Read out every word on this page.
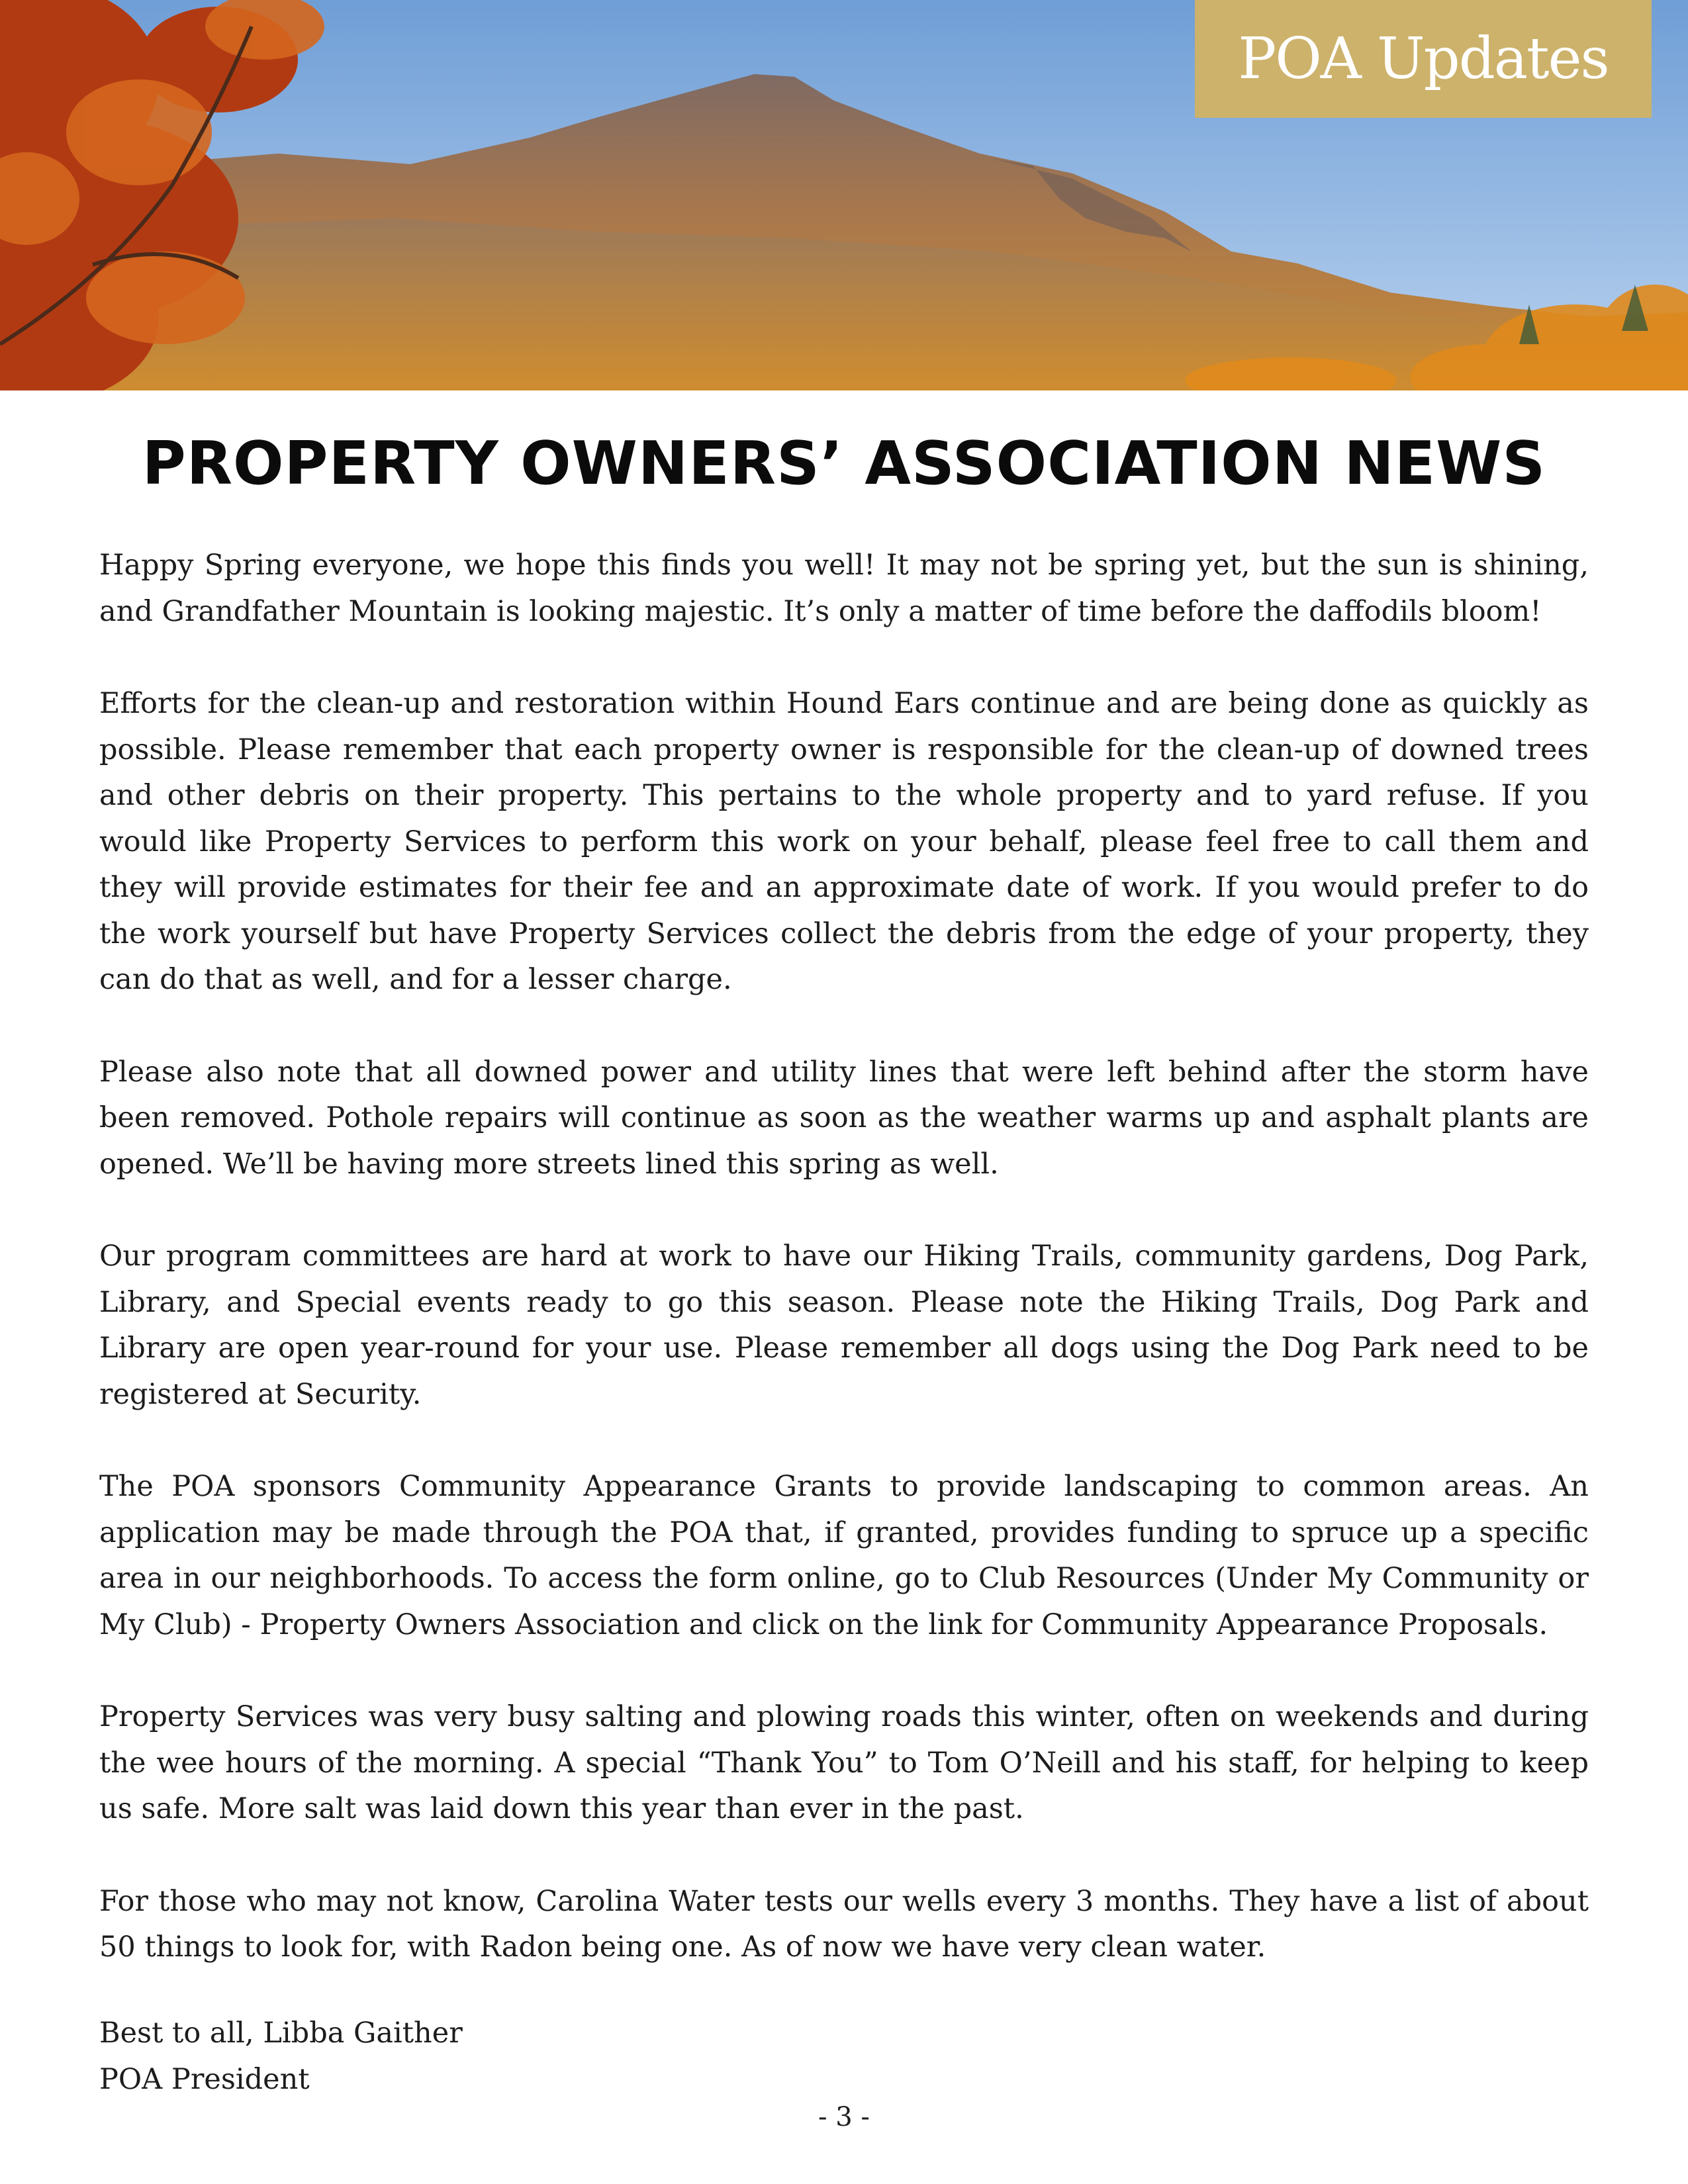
POA Updates
PROPERTY OWNERS’ ASSOCIATION NEWS

Happy Spring everyone, we hope this finds you well! It may not be spring yet, but the sun is shining, and Grandfather Mountain is looking majestic. It’s only a matter of time before the daffodils bloom!

Efforts for the clean-up and restoration within Hound Ears continue and are being done as quickly as possible. Please remember that each property owner is responsible for the clean-up of downed trees and other debris on their property. This pertains to the whole property and to yard refuse. If you would like Property Services to perform this work on your behalf, please feel free to call them and they will provide estimates for their fee and an approximate date of work. If you would prefer to do the work yourself but have Property Services collect the debris from the edge of your property, they can do that as well, and for a lesser charge.

Please also note that all downed power and utility lines that were left behind after the storm have been removed. Pothole repairs will continue as soon as the weather warms up and asphalt plants are opened. We’ll be having more streets lined this spring as well.

Our program committees are hard at work to have our Hiking Trails, community gardens, Dog Park, Library, and Special events ready to go this season. Please note the Hiking Trails, Dog Park and Library are open year-round for your use. Please remember all dogs using the Dog Park need to be registered at Security.

The POA sponsors Community Appearance Grants to provide landscaping to common areas. An application may be made through the POA that, if granted, provides funding to spruce up a specific area in our neighborhoods. To access the form online, go to Club Resources (Under My Community or My Club) - Property Owners Association and click on the link for Community Appearance Proposals.

Property Services was very busy salting and plowing roads this winter, often on weekends and during the wee hours of the morning. A special “Thank You” to Tom O’Neill and his staff, for helping to keep us safe. More salt was laid down this year than ever in the past.

For those who may not know, Carolina Water tests our wells every 3 months. They have a list of about 50 things to look for, with Radon being one. As of now we have very clean water.

Best to all, Libba Gaither
POA President
- 3 -
